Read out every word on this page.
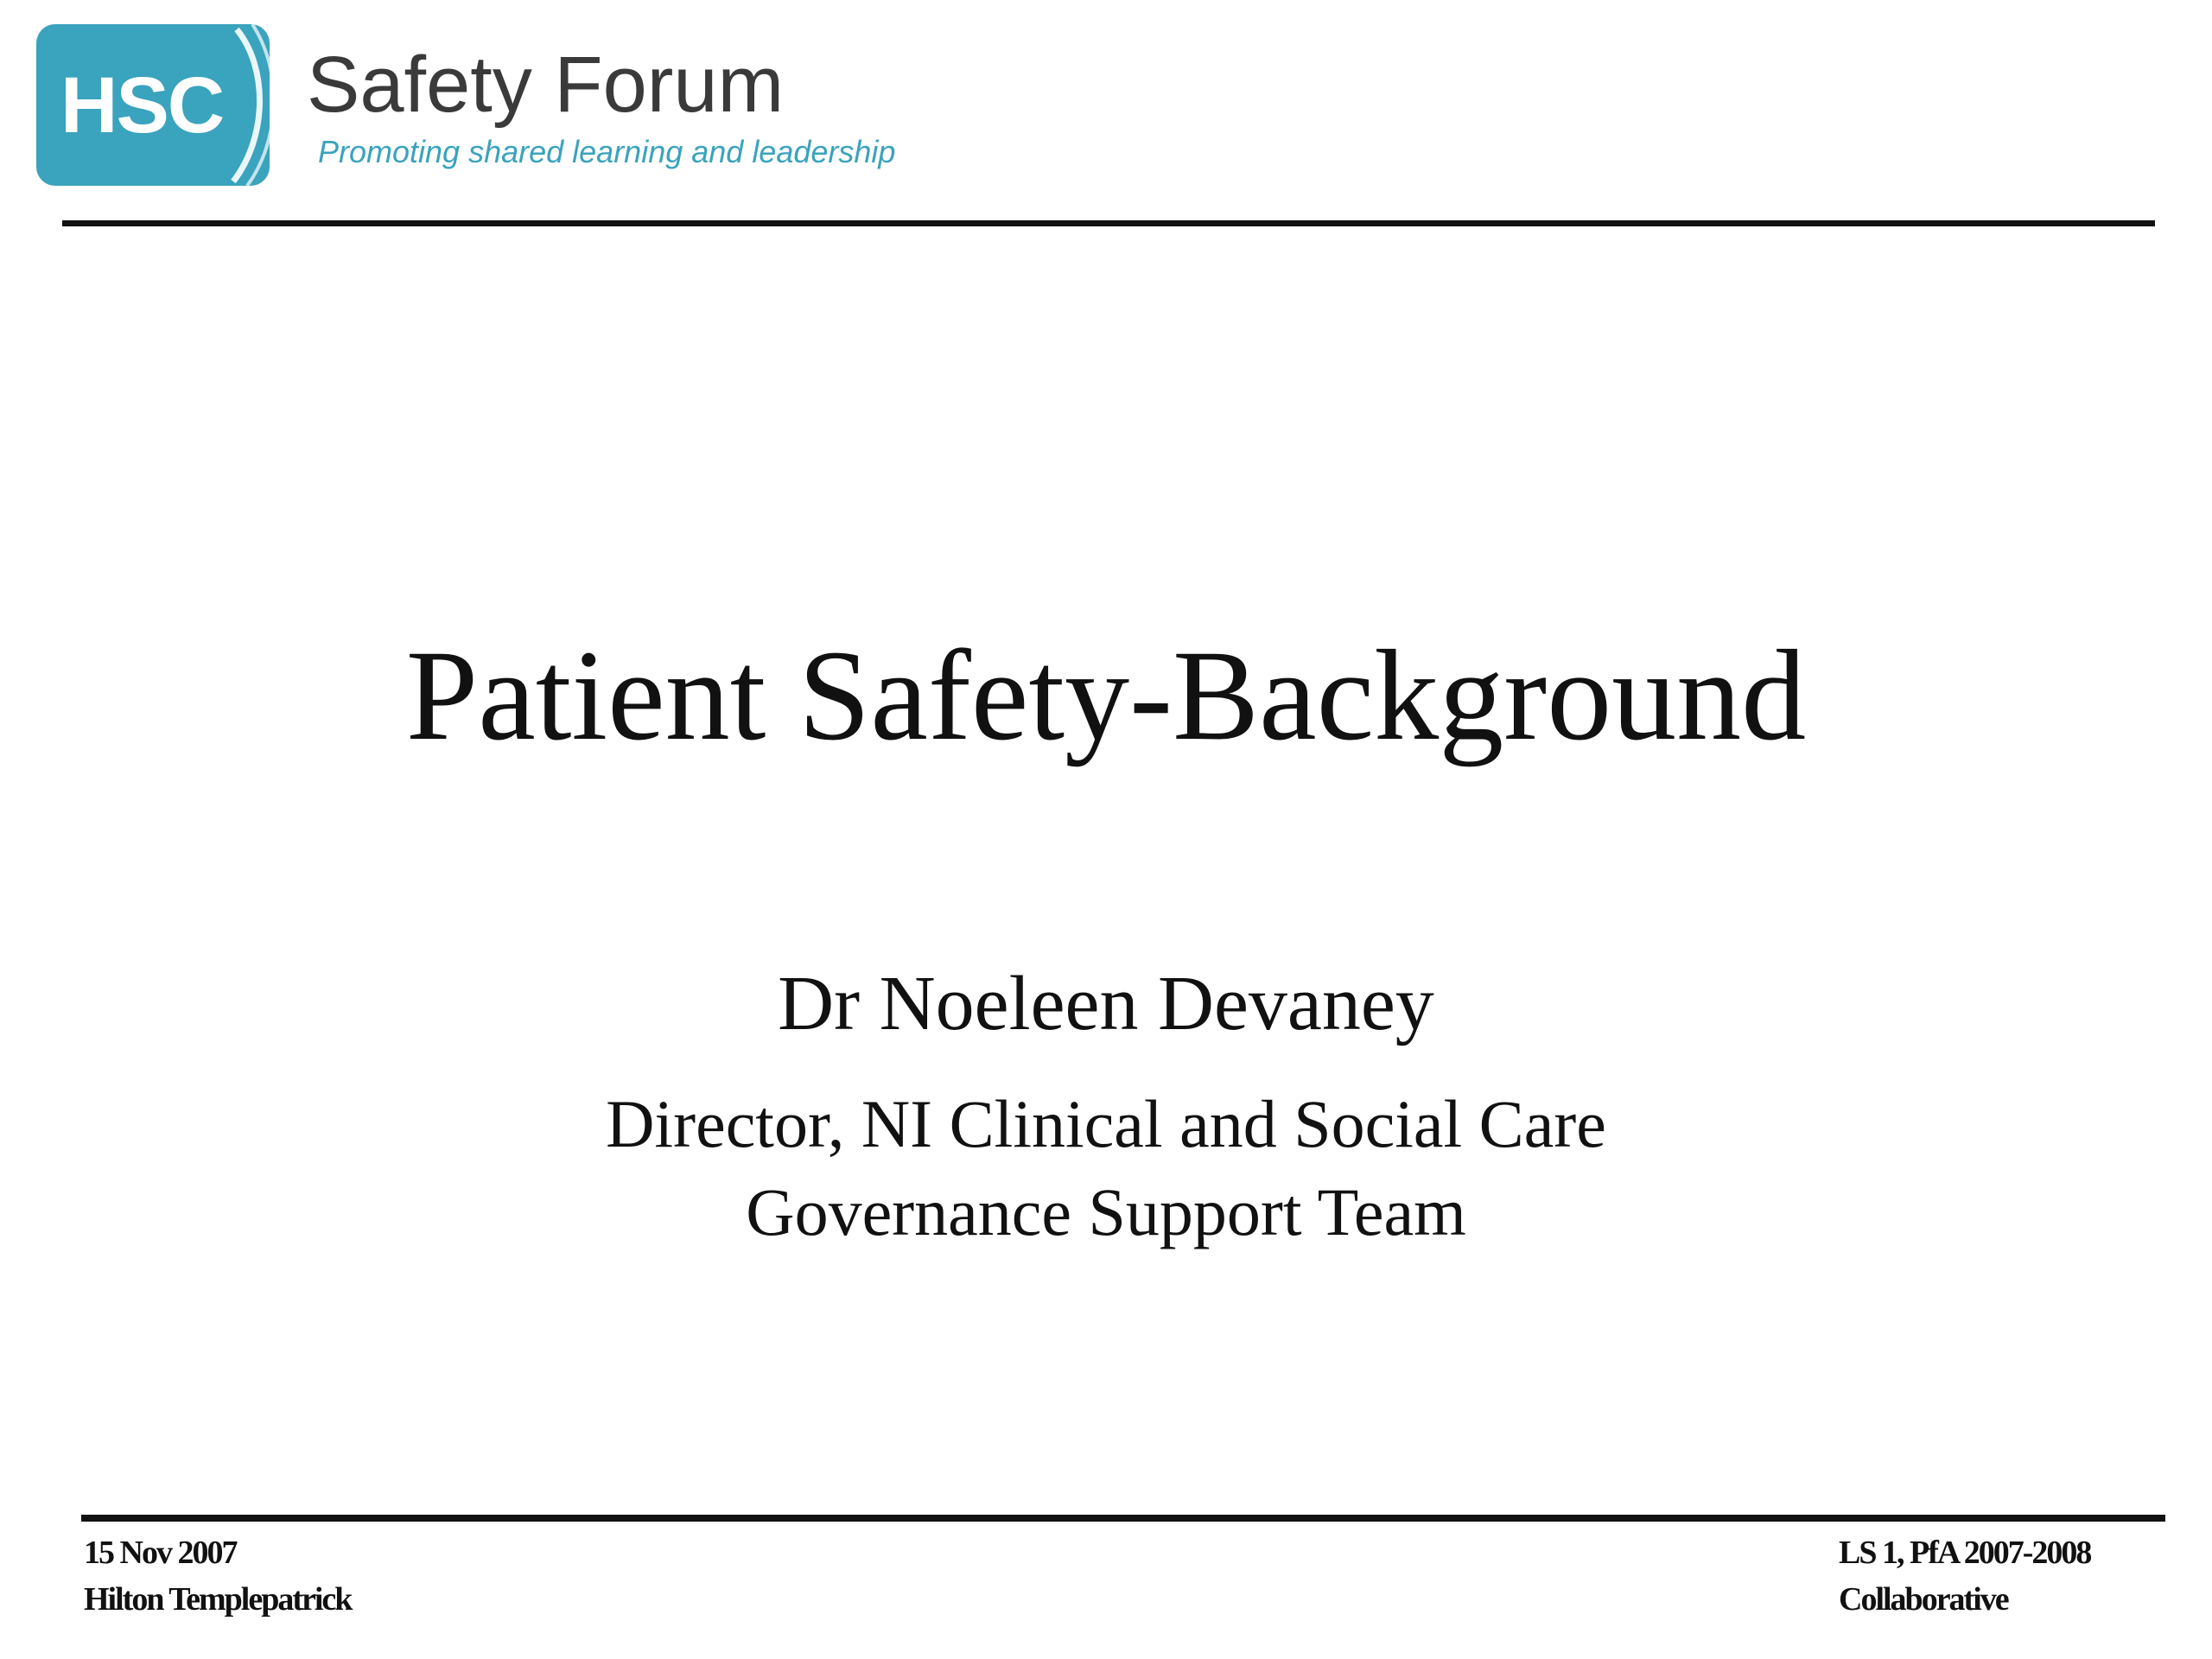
HSC Safety Forum
Promoting shared learning and leadership
Patient Safety-Background
Dr Noeleen Devaney
Director, NI Clinical and Social Care
Governance Support Team
15 Nov 2007
Hilton Templepatrick
LS 1, PfA 2007-2008
Collaborative
